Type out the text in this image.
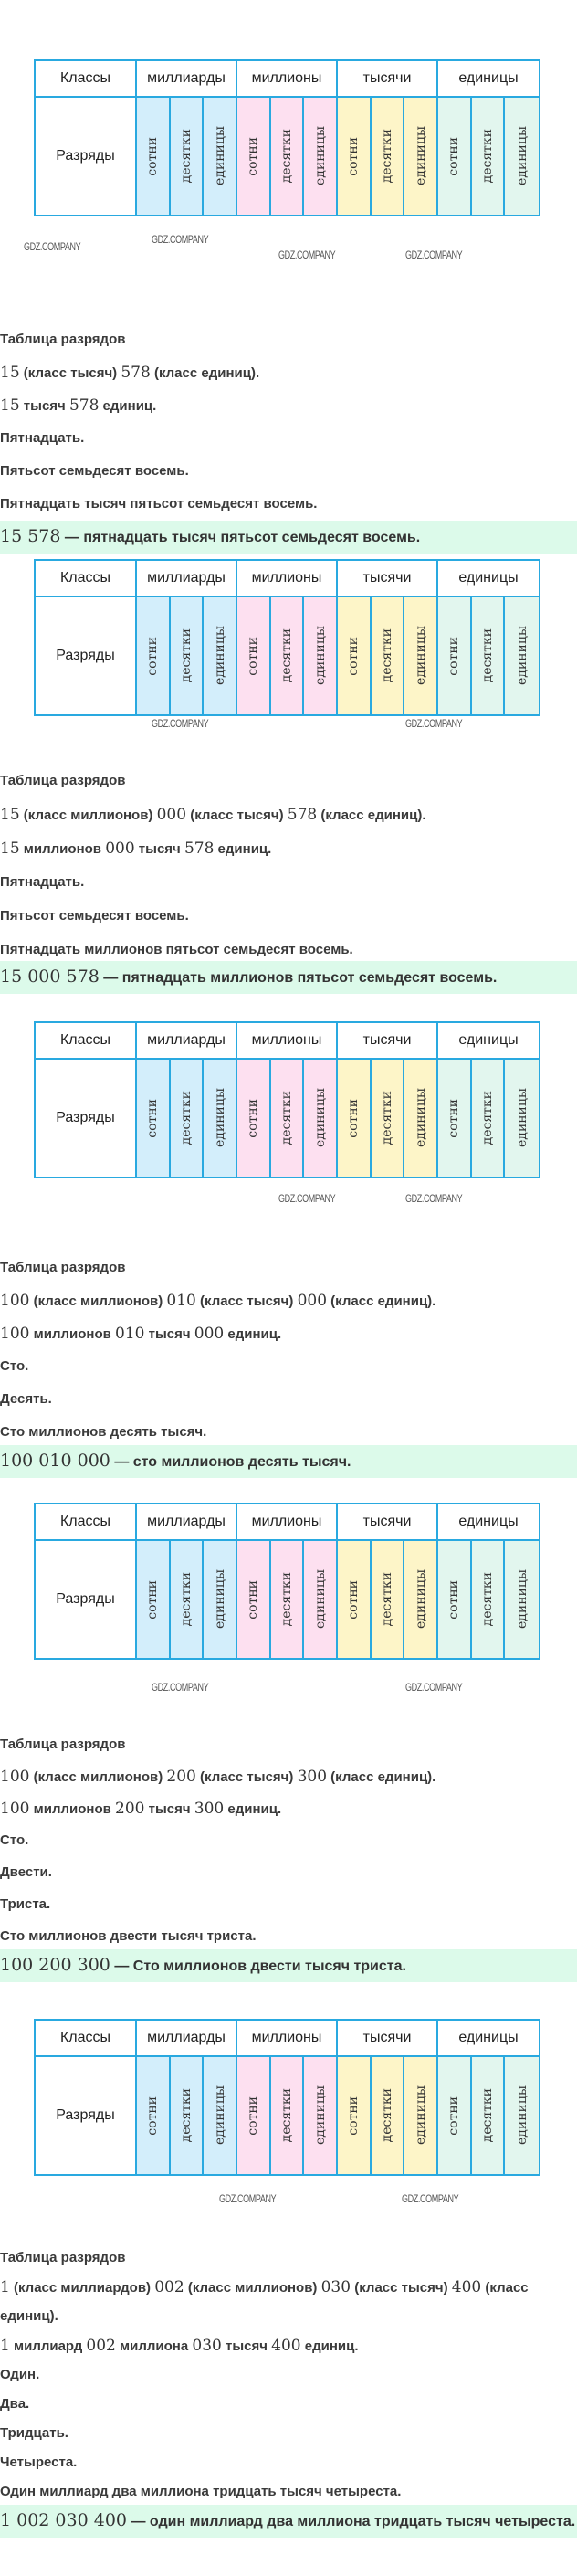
Классы	миллиарды	миллионы	тысячи	единицы
Разряды	сотни десятки единицы сотни десятки единицы сотни десятки единицы сотни десятки единицы
Таблица разрядов
15 (класс тысяч) 578 (класс единиц).
15 тысяч 578 единиц.
Пятнадцать.
Пятьсот семьдесят восемь.
Пятнадцать тысяч пятьсот семьдесят восемь.
15 578 — пятнадцать тысяч пятьсот семьдесят восемь.
Классы	миллиарды	миллионы	тысячи	единицы
Разряды	сотни десятки единицы сотни десятки единицы сотни десятки единицы сотни десятки единицы
Таблица разрядов
15 (класс миллионов) 000 (класс тысяч) 578 (класс единиц).
15 миллионов 000 тысяч 578 единиц.
Пятнадцать.
Пятьсот семьдесят восемь.
Пятнадцать миллионов пятьсот семьдесят восемь.
15 000 578 — пятнадцать миллионов пятьсот семьдесят восемь.
Классы	миллиарды	миллионы	тысячи	единицы
Разряды	сотни десятки единицы сотни десятки единицы сотни десятки единицы сотни десятки единицы
Таблица разрядов
100 (класс миллионов) 010 (класс тысяч) 000 (класс единиц).
100 миллионов 010 тысяч 000 единиц.
Сто.
Десять.
Сто миллионов десять тысяч.
100 010 000 — сто миллионов десять тысяч.
Классы	миллиарды	миллионы	тысячи	единицы
Разряды	сотни десятки единицы сотни десятки единицы сотни десятки единицы сотни десятки единицы
Таблица разрядов
100 (класс миллионов) 200 (класс тысяч) 300 (класс единиц).
100 миллионов 200 тысяч 300 единиц.
Сто.
Двести.
Триста.
Сто миллионов двести тысяч триста.
100 200 300 — Сто миллионов двести тысяч триста.
Классы	миллиарды	миллионы	тысячи	единицы
Разряды	сотни десятки единицы сотни десятки единицы сотни десятки единицы сотни десятки единицы
Таблица разрядов
1 (класс миллиардов) 002 (класс миллионов) 030 (класс тысяч) 400 (класс
единиц).
1 миллиард 002 миллиона 030 тысяч 400 единиц.
Один.
Два.
Тридцать.
Четыреста.
Один миллиард два миллиона тридцать тысяч четыреста.
1 002 030 400 — один миллиард два миллиона тридцать тысяч четыреста.
GDZ.COMPANY
GDZ.COMPANY
GDZ.COMPANY	GDZ.COMPANY
GDZ.COMPANY	GDZ.COMPANY
GDZ.COMPANY	GDZ.COMPANY
GDZ.COMPANY	GDZ.COMPANY
GDZ.COMPANY	GDZ.COMPANY
